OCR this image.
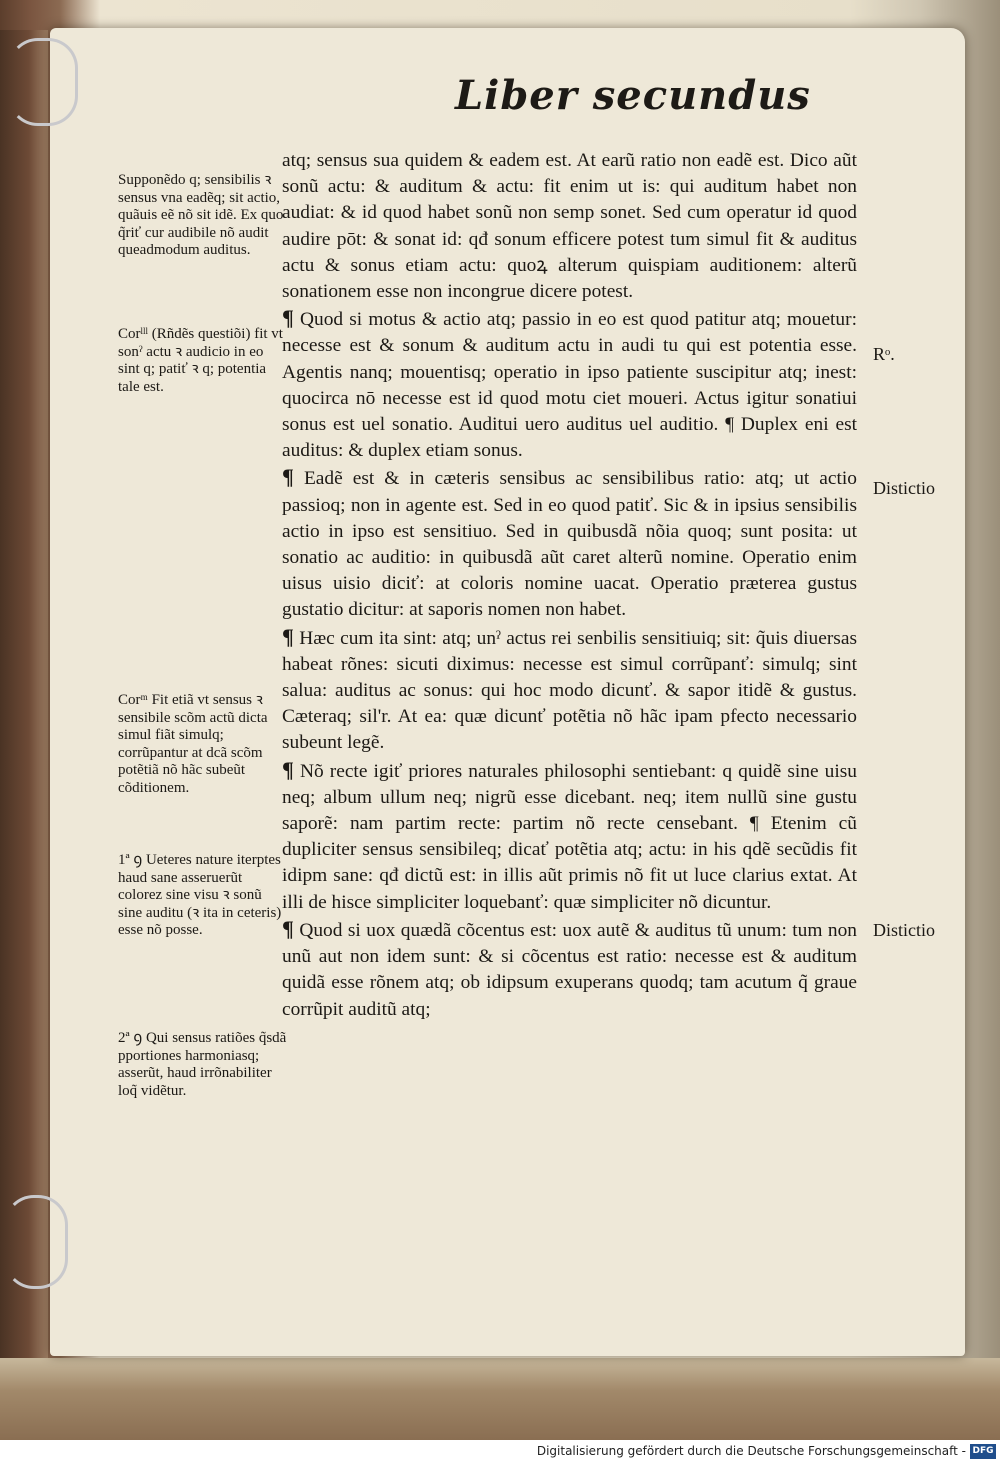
Liber secundus

atq; sensus sua quidem & eadem est. At earũ ratio non eadẽ est. Dico aũt sonũ actu: & auditum & actu: fit enim ut is: qui auditum habet non audiat: & id quod habet sonũ non semp sonet. Sed cum operatur id quod audire pōt: & sonat id: qđ sonum efficere potest tum simul fit & auditus actu & sonus etiam actu: quoꝝ alterum quispiam auditionem: alterũ sonationem esse non incongrue dicere potest.

¶ Quod si motus & actio atq; passio in eo est quod patitur atq; mouetur: necesse est & sonum & auditum actu in audi tu qui est potentia esse. Agentis nanq; mouentisq; operatio in ipso patiente suscipitur atq; inest: quocirca nō necesse est id quod motu ciet moueri. Actus igitur sonatiui sonus est uel sonatio. Auditui uero auditus uel auditio. ¶ Duplex eni est auditus: & duplex etiam sonus.

¶ Eadẽ est & in cæteris sensibus ac sensibilibus ratio: atq; ut actio passioq; non in agente est. Sed in eo quod patiť. Sic & in ipsius sensibilis actio in ipso est sensitiuo. Sed in quibusdã nõia quoq; sunt posita: ut sonatio ac auditio: in quibusdã aũt caret alterũ nomine. Operatio enim uisus uisio diciť: at coloris nomine uacat. Operatio præterea gustus gustatio dicitur: at saporis nomen non habet.

¶ Hæc cum ita sint: atq; unˀ actus rei senbilis sensitiuiq; sit: q̃uis diuersas habeat rõnes: sicuti diximus: necesse est simul corrũpanť: simulq; sint salua: auditus ac sonus: qui hoc modo dicunť. & sapor itidẽ & gustus. Cæteraq; sil'r. At ea: quæ dicunť potẽtia nõ hãc ipam pfecto necessario subeunt legẽ.

¶ Nõ recte igiť priores naturales philosophi sentiebant: q quidẽ sine uisu neq; album ullum neq; nigrũ esse dicebant. neq; item nullũ sine gustu saporẽ: nam partim recte: partim nõ recte censebant. ¶ Etenim cũ dupliciter sensus sensibileq; dicať potẽtia atq; actu: in his qdẽ secũdis fit idipm sane: qđ dictũ est: in illis aũt primis nõ fit ut luce clarius extat. At illi de hisce simpliciter loquebanť: quæ simpliciter nõ dicuntur.

¶ Quod si uox quædã cõcentus est: uox autẽ & auditus tũ unum: tum non unũ aut non idem sunt: & si cõcentus est ratio: necesse est & auditum quidã esse rõnem atq; ob idipsum exuperans quodq; tam acutum q̃ graue corrũpit auditũ atq;

Supponẽdo q; sensibilis ꝛ sensus vna eadẽq; sit actio, quãuis eẽ nõ sit idẽ. Ex quo q̃riť cur audibile nõ audit queadmodum auditus.
Corˡˡˡ (Rñdẽs questiõi) fit vt sonˀ actu ꝛ audicio in eo sint q; patiť ꝛ q; potentia tale est.
Corᵐ Fit etiã vt sensus ꝛ sensibile scõm actũ dicta simul fiãt simulq; corrũpantur at dcã scõm potẽtiã nõ hãc subeũt cõditionem.
1ª ꝯ Ueteres nature iterptes haud sane asseruerũt colorez sine visu ꝛ sonũ sine auditu (ꝛ ita in ceteris) esse nõ posse.
2ª ꝯ Qui sensus ratiões q̃sdã pportiones harmoniasq; asserũt, haud irrõnabiliter loq̃ vidẽtur.
Rᵒ.
Distictio
Distictio
Digitalisierung gefördert durch die Deutsche Forschungsgemeinschaft - DFG
